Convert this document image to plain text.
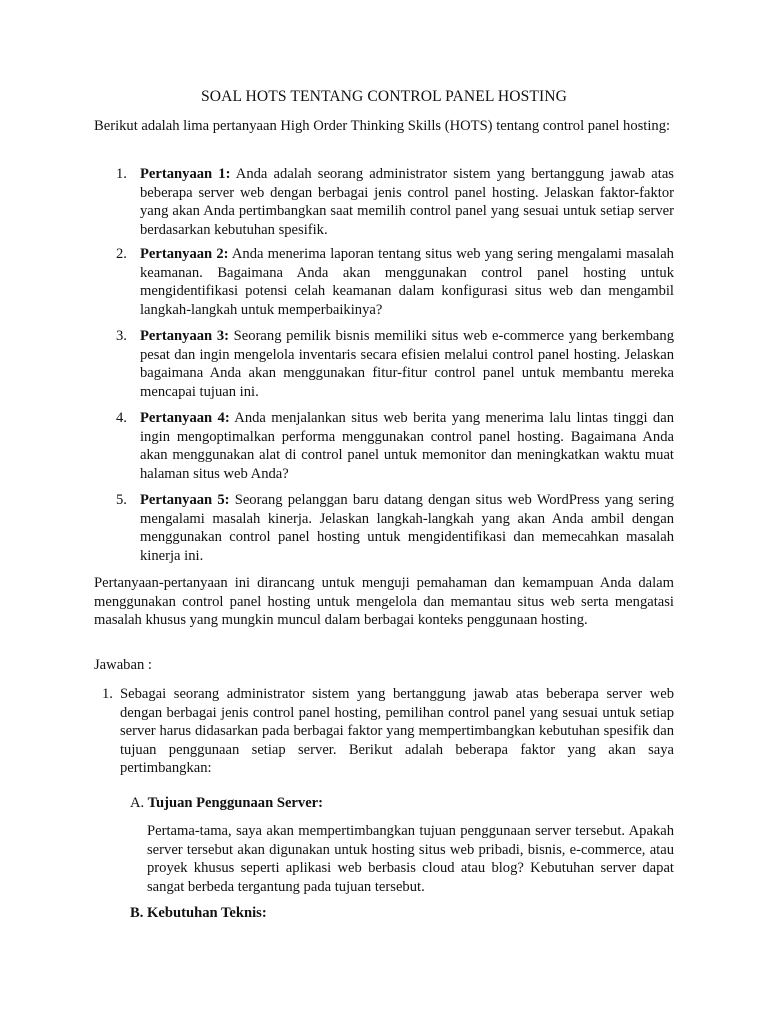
SOAL HOTS TENTANG CONTROL PANEL HOSTING

Berikut adalah lima pertanyaan High Order Thinking Skills (HOTS) tentang control panel hosting:

1. Pertanyaan 1: Anda adalah seorang administrator sistem yang bertanggung jawab atas beberapa server web dengan berbagai jenis control panel hosting. Jelaskan faktor-faktor yang akan Anda pertimbangkan saat memilih control panel yang sesuai untuk setiap server berdasarkan kebutuhan spesifik.

2. Pertanyaan 2: Anda menerima laporan tentang situs web yang sering mengalami masalah keamanan. Bagaimana Anda akan menggunakan control panel hosting untuk mengidentifikasi potensi celah keamanan dalam konfigurasi situs web dan mengambil langkah-langkah untuk memperbaikinya?

3. Pertanyaan 3: Seorang pemilik bisnis memiliki situs web e-commerce yang berkembang pesat dan ingin mengelola inventaris secara efisien melalui control panel hosting. Jelaskan bagaimana Anda akan menggunakan fitur-fitur control panel untuk membantu mereka mencapai tujuan ini.

4. Pertanyaan 4: Anda menjalankan situs web berita yang menerima lalu lintas tinggi dan ingin mengoptimalkan performa menggunakan control panel hosting. Bagaimana Anda akan menggunakan alat di control panel untuk memonitor dan meningkatkan waktu muat halaman situs web Anda?

5. Pertanyaan 5: Seorang pelanggan baru datang dengan situs web WordPress yang sering mengalami masalah kinerja. Jelaskan langkah-langkah yang akan Anda ambil dengan menggunakan control panel hosting untuk mengidentifikasi dan memecahkan masalah kinerja ini.

Pertanyaan-pertanyaan ini dirancang untuk menguji pemahaman dan kemampuan Anda dalam menggunakan control panel hosting untuk mengelola dan memantau situs web serta mengatasi masalah khusus yang mungkin muncul dalam berbagai konteks penggunaan hosting.

Jawaban :

1. Sebagai seorang administrator sistem yang bertanggung jawab atas beberapa server web dengan berbagai jenis control panel hosting, pemilihan control panel yang sesuai untuk setiap server harus didasarkan pada berbagai faktor yang mempertimbangkan kebutuhan spesifik dan tujuan penggunaan setiap server. Berikut adalah beberapa faktor yang akan saya pertimbangkan:

A. Tujuan Penggunaan Server:

Pertama-tama, saya akan mempertimbangkan tujuan penggunaan server tersebut. Apakah server tersebut akan digunakan untuk hosting situs web pribadi, bisnis, e-commerce, atau proyek khusus seperti aplikasi web berbasis cloud atau blog? Kebutuhan server dapat sangat berbeda tergantung pada tujuan tersebut.

B. Kebutuhan Teknis:
